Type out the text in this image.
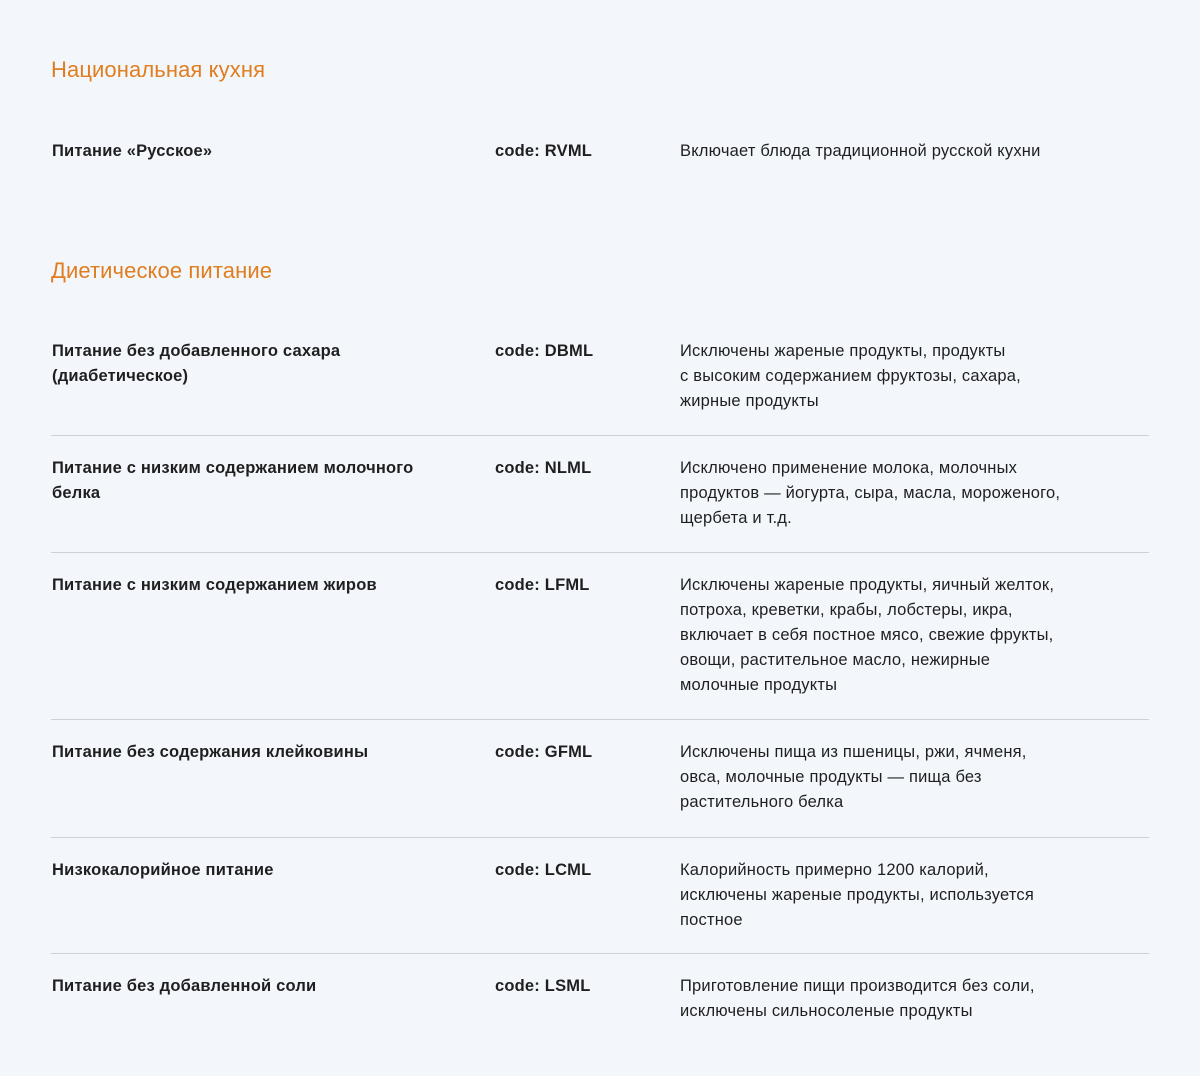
Национальная кухня
Питание «Русское»	code: RVML	Включает блюда традиционной русской кухни
Диетическое питание
Питание без добавленного сахара
(диабетическое)
code: DBML	Исключены жареные продукты, продукты
с высоким содержанием фруктозы, сахара,
жирные продукты
Питание с низким содержанием молочного
белка
code: NLML	Исключено применение молока, молочных
продуктов — йогурта, сыра, масла, мороженого,
щербета и т.д.
Питание с низким содержанием жиров	code: LFML	Исключены жареные продукты, яичный желток,
потроха, креветки, крабы, лобстеры, икра,
включает в себя постное мясо, свежие фрукты,
овощи, растительное масло, нежирные
молочные продукты
Питание без содержания клейковины	code: GFML	Исключены пища из пшеницы, ржи, ячменя,
овса, молочные продукты — пища без
растительного белка
Низкокалорийное питание	code: LCML	Калорийность примерно 1200 калорий,
исключены жареные продукты, используется
постное
Питание без добавленной соли	code: LSML	Приготовление пищи производится без соли,
исключены сильносоленые продукты
